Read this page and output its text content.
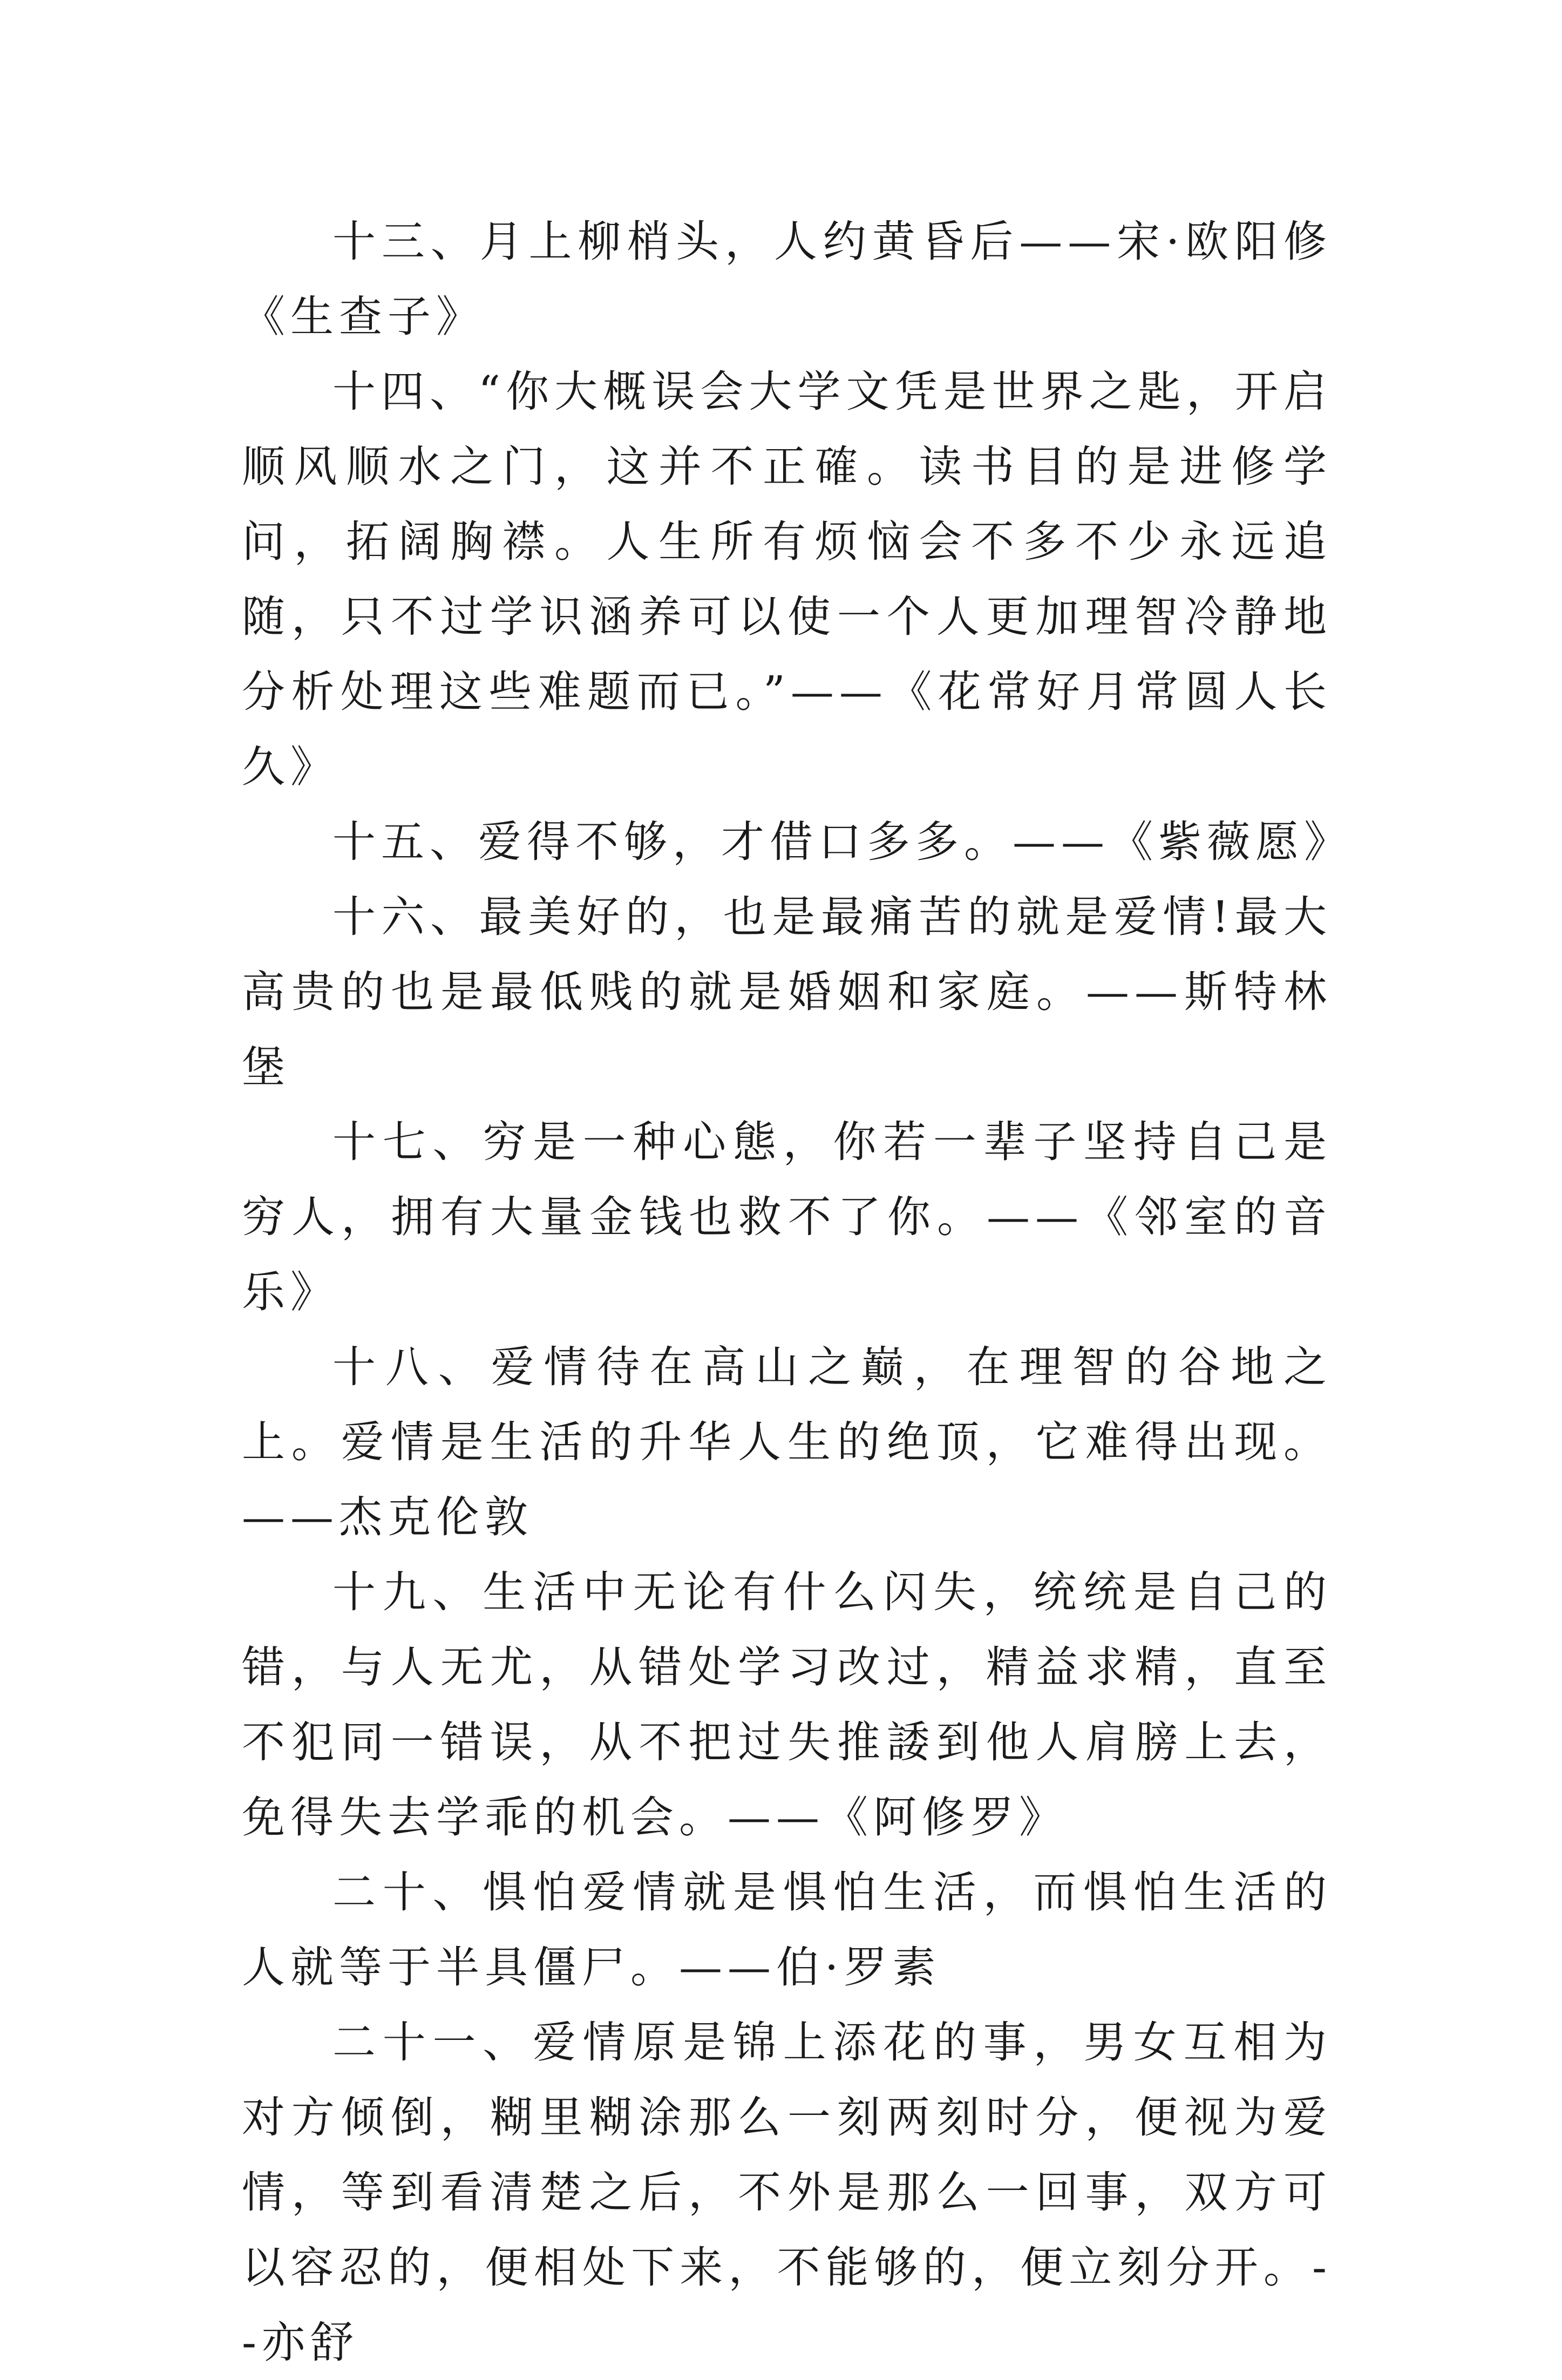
十三、月上柳梢头，人约黄昏后——宋·欧阳修《生查子》

十四、“你大概误会大学文凭是世界之匙，开启顺风顺水之门，这并不正確。读书目的是进修学问，拓阔胸襟。人生所有烦恼会不多不少永远追随，只不过学识涵养可以使一个人更加理智冷静地分析处理这些难题而已。”——《花常好月常圆人长久》

十五、爱得不够，才借口多多。——《紫薇愿》

十六、最美好的，也是最痛苦的就是爱情!最大高贵的也是最低贱的就是婚姻和家庭。——斯特林堡

十七、穷是一种心態，你若一辈子坚持自己是穷人，拥有大量金钱也救不了你。——《邻室的音乐》

十八、爱情待在高山之巅，在理智的谷地之上。爱情是生活的升华人生的绝顶，它难得出现。——杰克伦敦

十九、生活中无论有什么闪失，统统是自己的错，与人无尤，从错处学习改过，精益求精，直至不犯同一错误，从不把过失推諉到他人肩膀上去，免得失去学乖的机会。——《阿修罗》

二十、惧怕爱情就是惧怕生活，而惧怕生活的人就等于半具僵尸。——伯·罗素

二十一、爱情原是锦上添花的事，男女互相为对方倾倒，糊里糊涂那么一刻两刻时分，便视为爱情，等到看清楚之后，不外是那么一回事，双方可以容忍的，便相处下来，不能够的，便立刻分开。--亦舒
